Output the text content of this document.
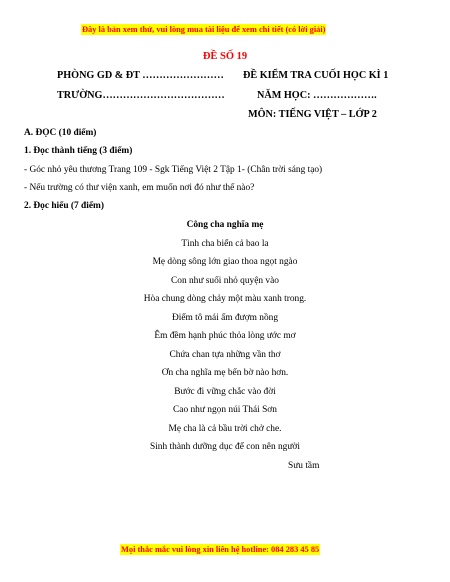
Đây là bản xem thử, vui lòng mua tài liệu để xem chi tiết (có lời giải)
ĐỀ SỐ 19
PHÒNG GD & ĐT …………………… ĐỀ KIỂM TRA CUỐI HỌC KÌ 1
TRƯỜNG………………………………	NĂM HỌC: ……………….
MÔN: TIẾNG VIỆT – LỚP 2
A. ĐỌC (10 điểm)
1. Đọc thành tiếng (3 điểm)
- Góc nhỏ yêu thương Trang 109 - Sgk Tiếng Việt 2 Tập 1- (Chân trời sáng tạo)
- Nếu trường có thư viện xanh, em muốn nơi đó như thế nào?
2. Đọc hiểu (7 điểm)
Công cha nghĩa mẹ
Tình cha biển cả bao la
Mẹ dòng sông lớn giao thoa ngọt ngào
Con như suối nhỏ quyện vào
Hòa chung dòng chảy một màu xanh trong.
Điểm tô mái ấm đượm nồng
Êm đềm hạnh phúc thỏa lòng ước mơ
Chứa chan tựa những vần thơ
Ơn cha nghĩa mẹ bến bờ nào hơn.
Bước đi vững chắc vào đời
Cao như ngọn núi Thái Sơn
Mẹ cha là cả bầu trời chở che.
Sinh thành dưỡng dục để con nên người
Sưu tầm
Mọi thắc mắc vui lòng xin liên hệ hotline: 084 283 45 85
